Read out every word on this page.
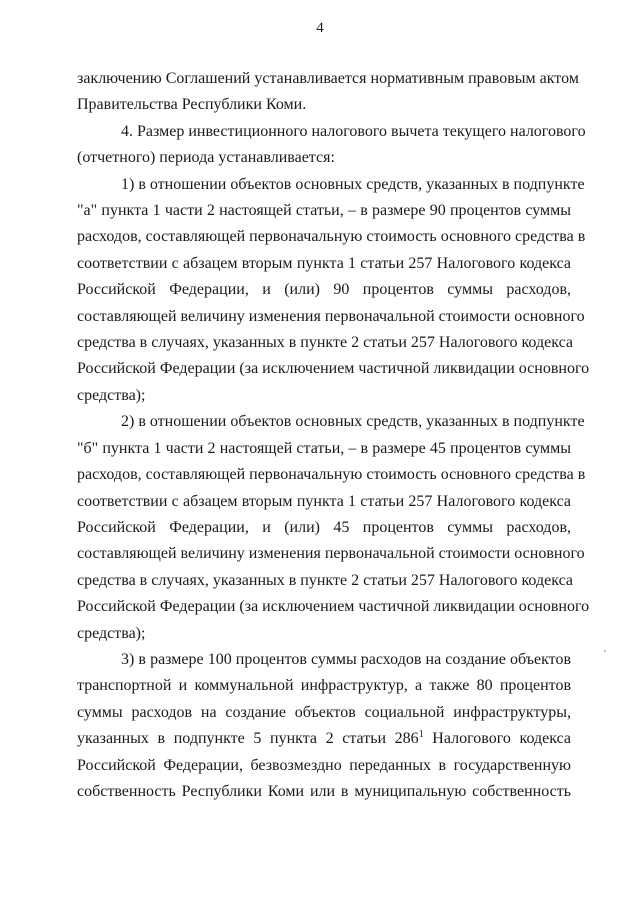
4
заключению Соглашений устанавливается нормативным правовым актом
Правительства Республики Коми.
4. Размер инвестиционного налогового вычета текущего налогового
(отчетного) периода устанавливается:
1) в отношении объектов основных средств, указанных в подпункте
"а" пункта 1 части 2 настоящей статьи, – в размере 90 процентов суммы
расходов, составляющей первоначальную стоимость основного средства в
соответствии с абзацем вторым пункта 1 статьи 257 Налогового кодекса
Российской Федерации, и (или) 90 процентов суммы расходов,
составляющей величину изменения первоначальной стоимости основного
средства в случаях, указанных в пункте 2 статьи 257 Налогового кодекса
Российской Федерации (за исключением частичной ликвидации основного
средства);
2) в отношении объектов основных средств, указанных в подпункте
"б" пункта 1 части 2 настоящей статьи, – в размере 45 процентов суммы
расходов, составляющей первоначальную стоимость основного средства в
соответствии с абзацем вторым пункта 1 статьи 257 Налогового кодекса
Российской Федерации, и (или) 45 процентов суммы расходов,
составляющей величину изменения первоначальной стоимости основного
средства в случаях, указанных в пункте 2 статьи 257 Налогового кодекса
Российской Федерации (за исключением частичной ликвидации основного
средства);
3) в размере 100 процентов суммы расходов на создание объектов
транспортной и коммунальной инфраструктур, а также 80 процентов
суммы расходов на создание объектов социальной инфраструктуры,
указанных в подпункте 5 пункта 2 статьи $286^1$ Налогового кодекса
Российской Федерации, безвозмездно переданных в государственную
собственность Республики Коми или в муниципальную собственность
